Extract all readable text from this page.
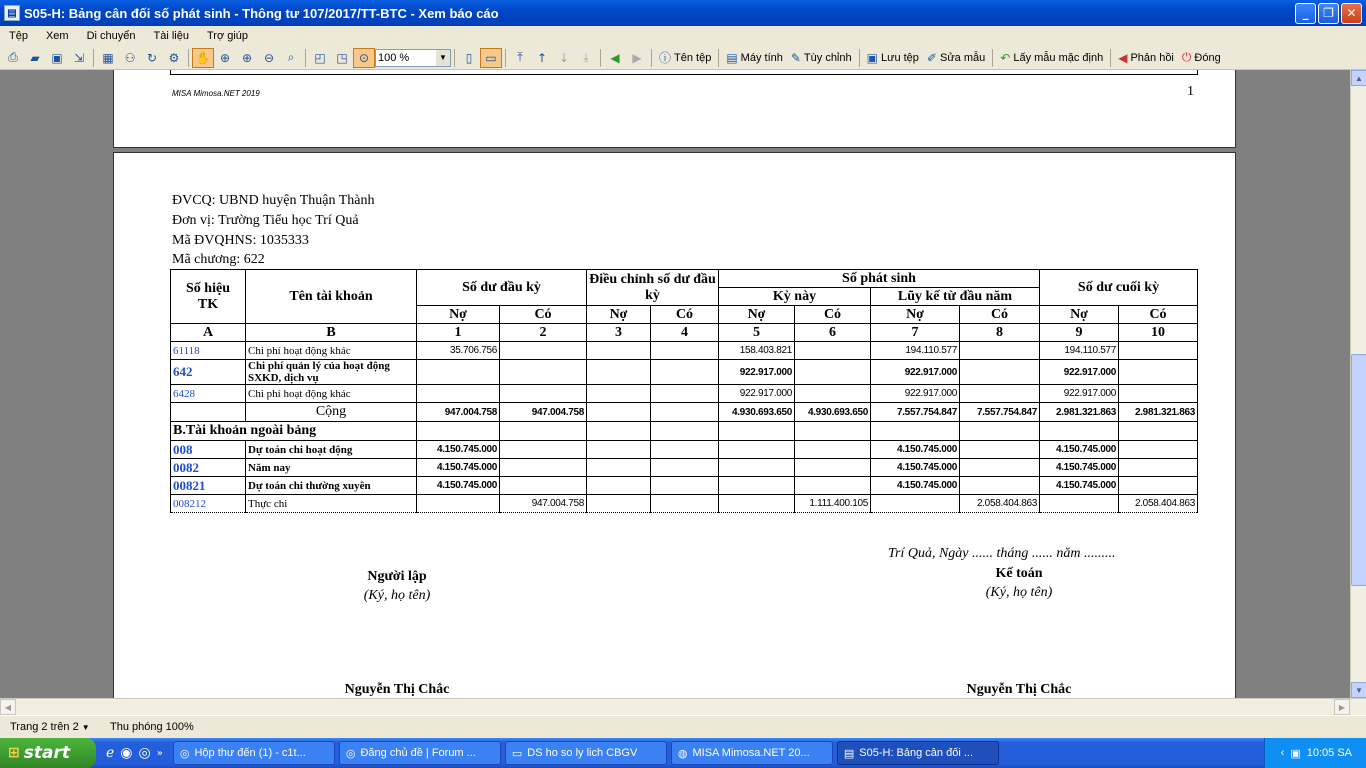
▤ S05-H: Bảng cân đối số phát sinh - Thông tư 107/2017/TT-BTC - Xem báo cáo	_	❐	✕
Tệp	Xem	Di chuyển	Tài liệu	Trợ giúp
⎙	▰ ▣ ⇲	▦ ⚇ ↻ ⚙	✋ ⊕ ⊕ ⊖	⌕	◰ ◳ ⊙ 100 %	▼	▯	▭	⤒	↑ ↓	⤓	◀	▶	ⓘ Tên tệp ▤ Máy tính ✎ Tùy chỉnh ▣ Lưu tệp ✐ Sửa mẫu ↶ Lấy mẫu mặc định ◀ Phản hồi ⏻ Đóng
MISA Mimosa.NET 2019	1
ĐVCQ: UBND huyện Thuận Thành
Đơn vị: Trường Tiểu học Trí Quả
Mã ĐVQHNS: 1035333
Mã chương: 622
Số hiệu TK	Tên tài khoản	Số dư đầu kỳ		Điều chỉnh số dư đầu kỳ		Số phát sinh				Số dư cuối kỳ	
						Kỳ này		Lũy kế từ đầu năm			
		Nợ	Có	Nợ	Có	Nợ	Có	Nợ	Có	Nợ	Có
A	B	1	2	3	4	5	6	7	8	9	10
61118	Chi phí hoạt động khác	35.706.756				158.403.821		194.110.577		194.110.577	
642	Chi phí quản lý của hoạt động SXKD, dịch vụ					922.917.000		922.917.000		922.917.000	
6428	Chi phí hoạt động khác					922.917.000		922.917.000		922.917.000	
	Cộng	947.004.758	947.004.758			4.930.693.650	4.930.693.650	7.557.754.847	7.557.754.847	2.981.321.863	2.981.321.863
B.Tài khoản ngoài bảng											
008	Dự toán chi hoạt động	4.150.745.000						4.150.745.000		4.150.745.000	
0082	Năm nay	4.150.745.000						4.150.745.000		4.150.745.000	
00821	Dự toán chi thường xuyên	4.150.745.000						4.150.745.000		4.150.745.000	
008212	Thực chi		947.004.758				1.111.400.105		2.058.404.863		2.058.404.863
Trí Quả, Ngày ...... tháng ...... năm .........
Người lập
(Ký, họ tên)
Kế toán
(Ký, họ tên)
Nguyễn Thị Chắc	Nguyễn Thị Chắc
▲
▼
◀	▶
Trang 2 trên 2 ▼	Thu phóng 100%
⊞ start	ℯ ◉ ◎ » ◎ Hộp thư đến (1) - c1t...	◎ Đăng chủ đề | Forum ...	▭ DS ho so ly lich CBGV	◍ MISA Mimosa.NET 20...	▤ S05-H: Bảng cân đối ...	‹ ▣ 10:05 SA
